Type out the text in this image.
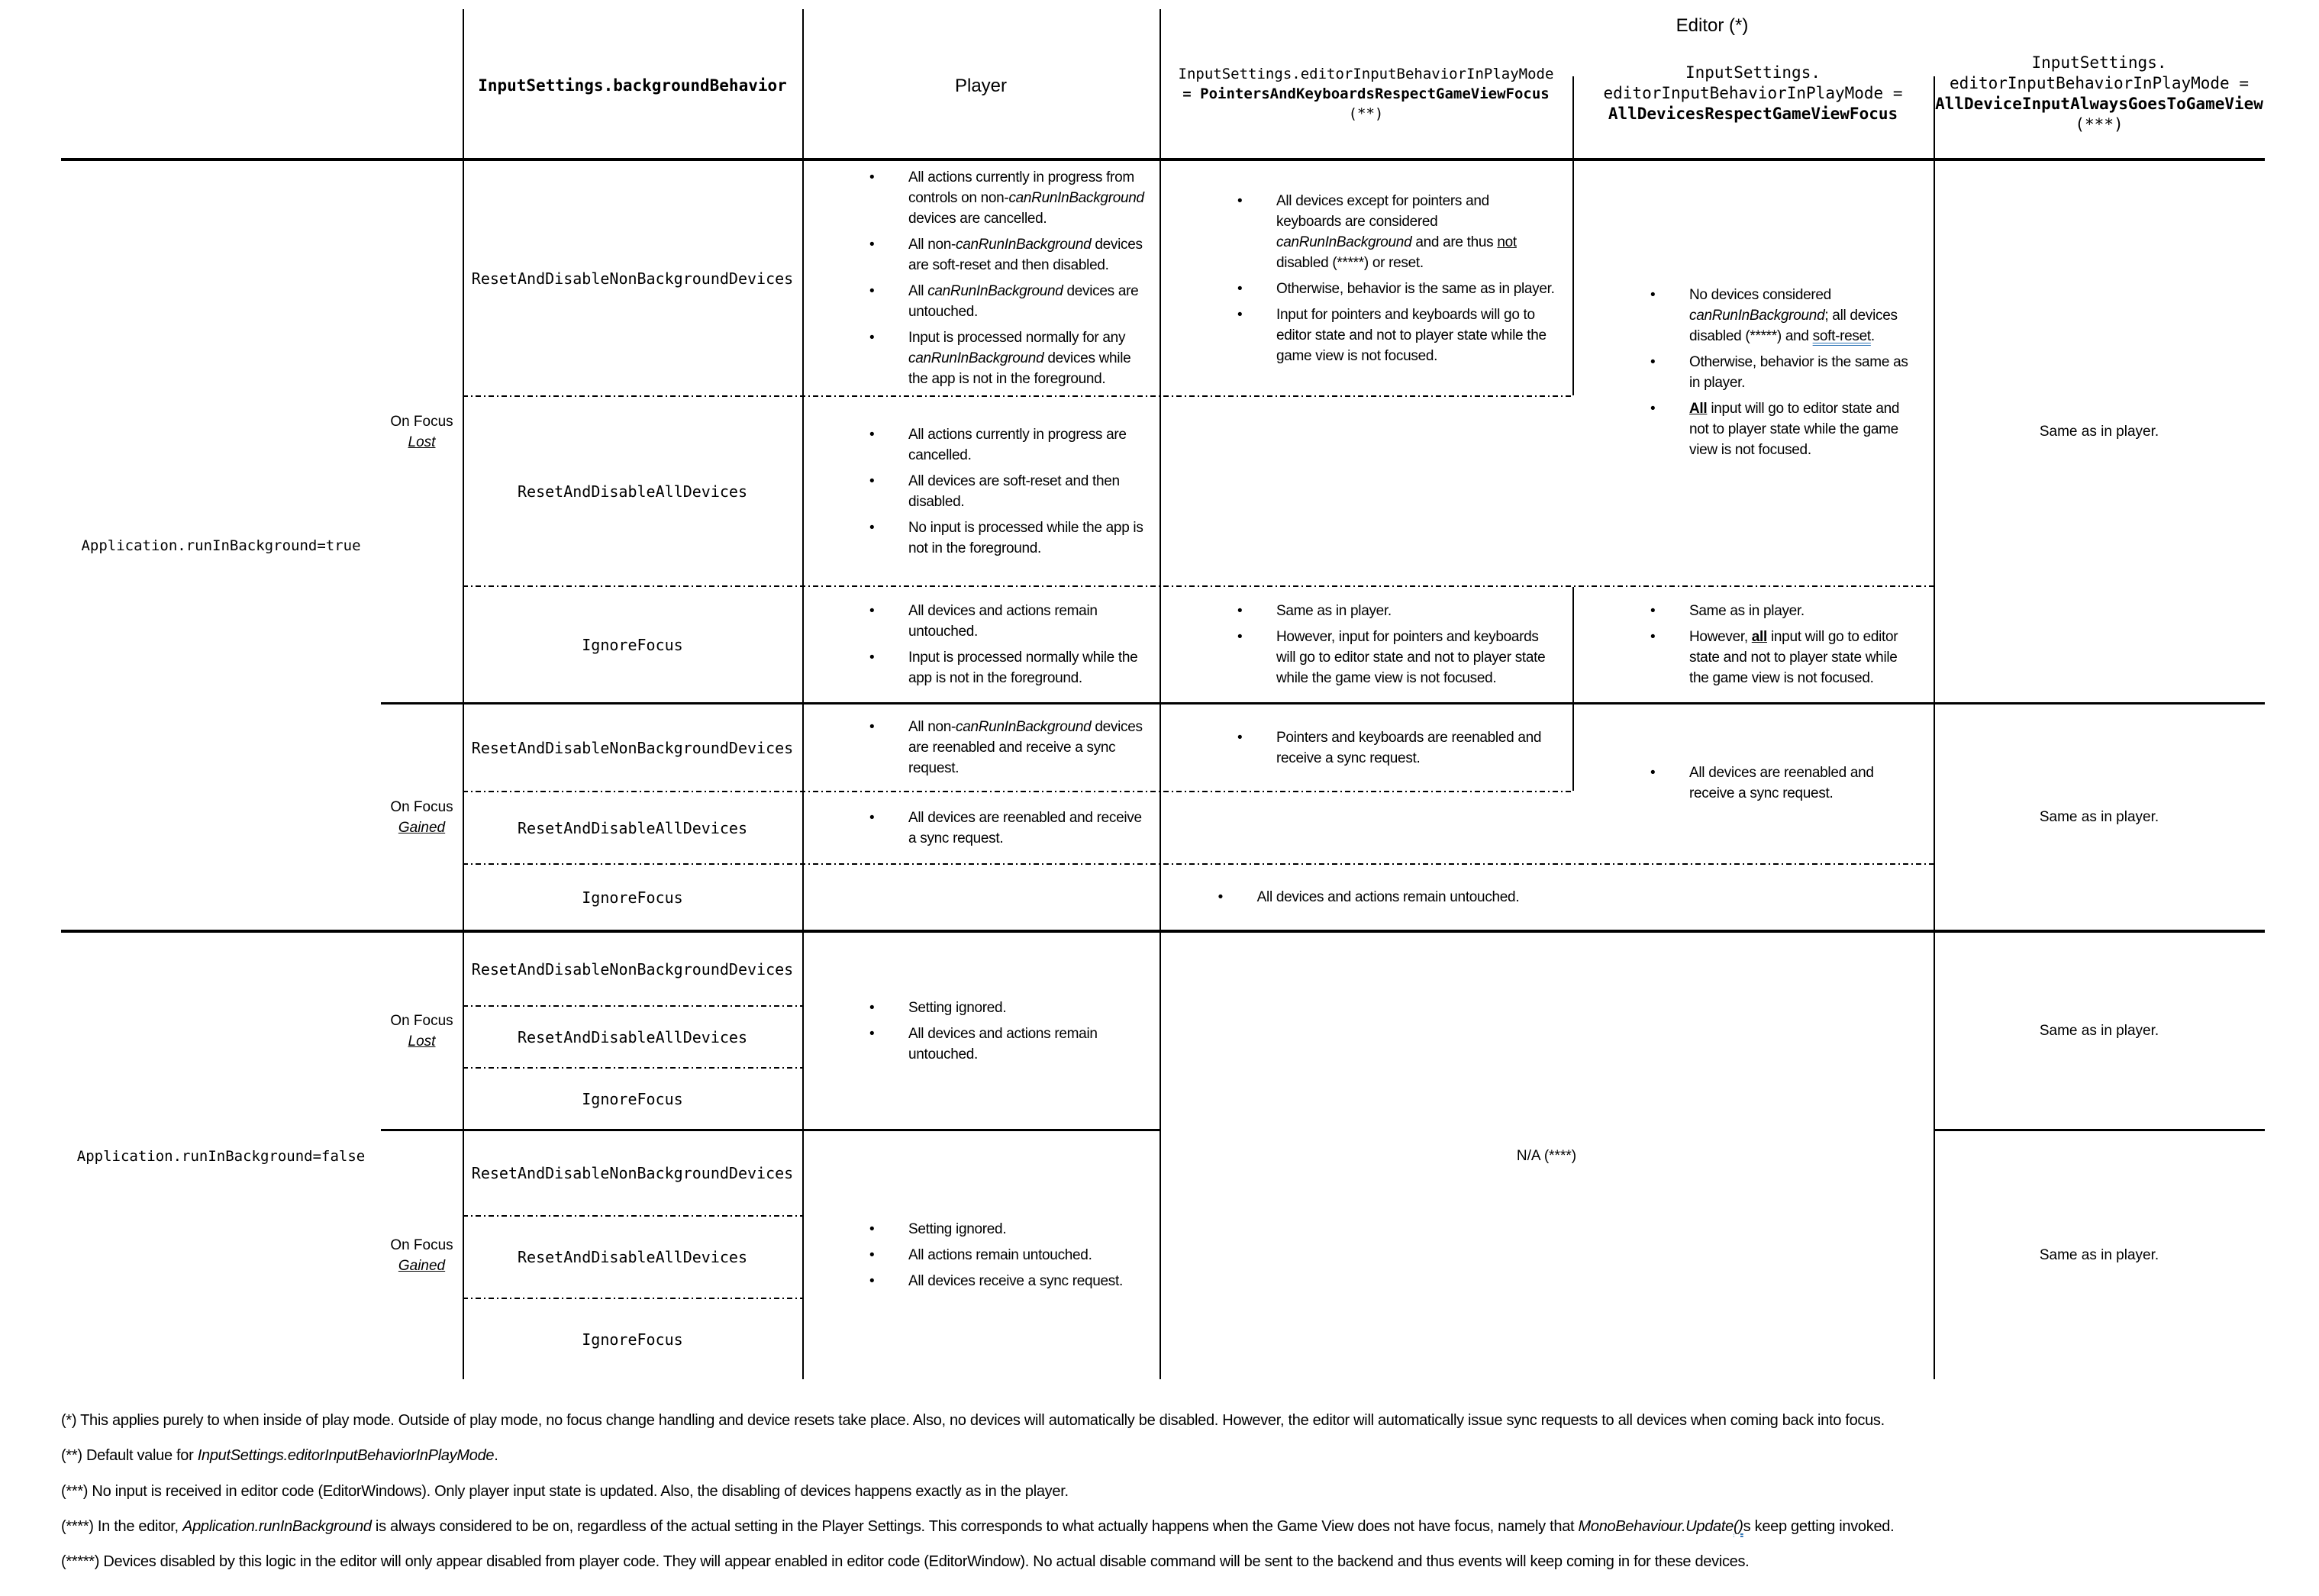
InputSettings.backgroundBehavior	Player
Editor (*)
InputSettings.editorInputBehaviorInPlayMode
= PointersAndKeyboardsRespectGameViewFocus
(**)
InputSettings.
editorInputBehaviorInPlayMode =
AllDevicesRespectGameViewFocus
InputSettings.
editorInputBehaviorInPlayMode =
AllDeviceInputAlwaysGoesToGameView
(***)
Application.runInBackground=true
Application.runInBackground=false
On Focus
Lost
On Focus
Gained
On Focus
Lost
On Focus
Gained
ResetAndDisableNonBackgroundDevices
ResetAndDisableAllDevices
IgnoreFocus
ResetAndDisableNonBackgroundDevices
ResetAndDisableAllDevices
IgnoreFocus
ResetAndDisableNonBackgroundDevices
ResetAndDisableAllDevices
IgnoreFocus
ResetAndDisableNonBackgroundDevices
ResetAndDisableAllDevices
IgnoreFocus
• All actions currently in progress from controls on non-canRunInBackground devices are cancelled.
• All non-canRunInBackground devices are soft-reset and then disabled.
• All canRunInBackground devices are untouched.
• Input is processed normally for any canRunInBackground devices while the app is not in the foreground.
• All actions currently in progress are cancelled.
• All devices are soft-reset and then disabled.
• No input is processed while the app is not in the foreground.
• All devices and actions remain untouched.
• Input is processed normally while the app is not in the foreground.
• All non-canRunInBackground devices are reenabled and receive a sync request.
• All devices are reenabled and receive a sync request.
• All devices and actions remain untouched.
• Setting ignored.
• All devices and actions remain untouched.
• Setting ignored.
• All actions remain untouched.
• All devices receive a sync request.
• All devices except for pointers and keyboards are considered canRunInBackground and are thus not disabled (*****) or reset.
• Otherwise, behavior is the same as in player.
• Input for pointers and keyboards will go to editor state and not to player state while the game view is not focused.
• Same as in player.
• However, input for pointers and keyboards will go to editor state and not to player state while the game view is not focused.
• Pointers and keyboards are reenabled and receive a sync request.
• No devices considered canRunInBackground; all devices disabled (*****) and soft-reset.
• Otherwise, behavior is the same as in player.
• All input will go to editor state and not to player state while the game view is not focused.
• Same as in player.
• However, all input will go to editor state and not to player state while the game view is not focused.
• All devices are reenabled and receive a sync request.
N/A (****)
Same as in player.
Same as in player.
Same as in player.
Same as in player.
(*) This applies purely to when inside of play mode. Outside of play mode, no focus change handling and device resets take place. Also, no devices will automatically be disabled. However, the editor will automatically issue sync requests to all devices when coming back into focus.
(**) Default value for InputSettings.editorInputBehaviorInPlayMode.
(***) No input is received in editor code (EditorWindows). Only player input state is updated. Also, the disabling of devices happens exactly as in the player.
(****) In the editor, Application.runInBackground is always considered to be on, regardless of the actual setting in the Player Settings. This corresponds to what actually happens when the Game View does not have focus, namely that MonoBehaviour.Update()s keep getting invoked.
(*****) Devices disabled by this logic in the editor will only appear disabled from player code. They will appear enabled in editor code (EditorWindow). No actual disable command will be sent to the backend and thus events will keep coming in for these devices.
